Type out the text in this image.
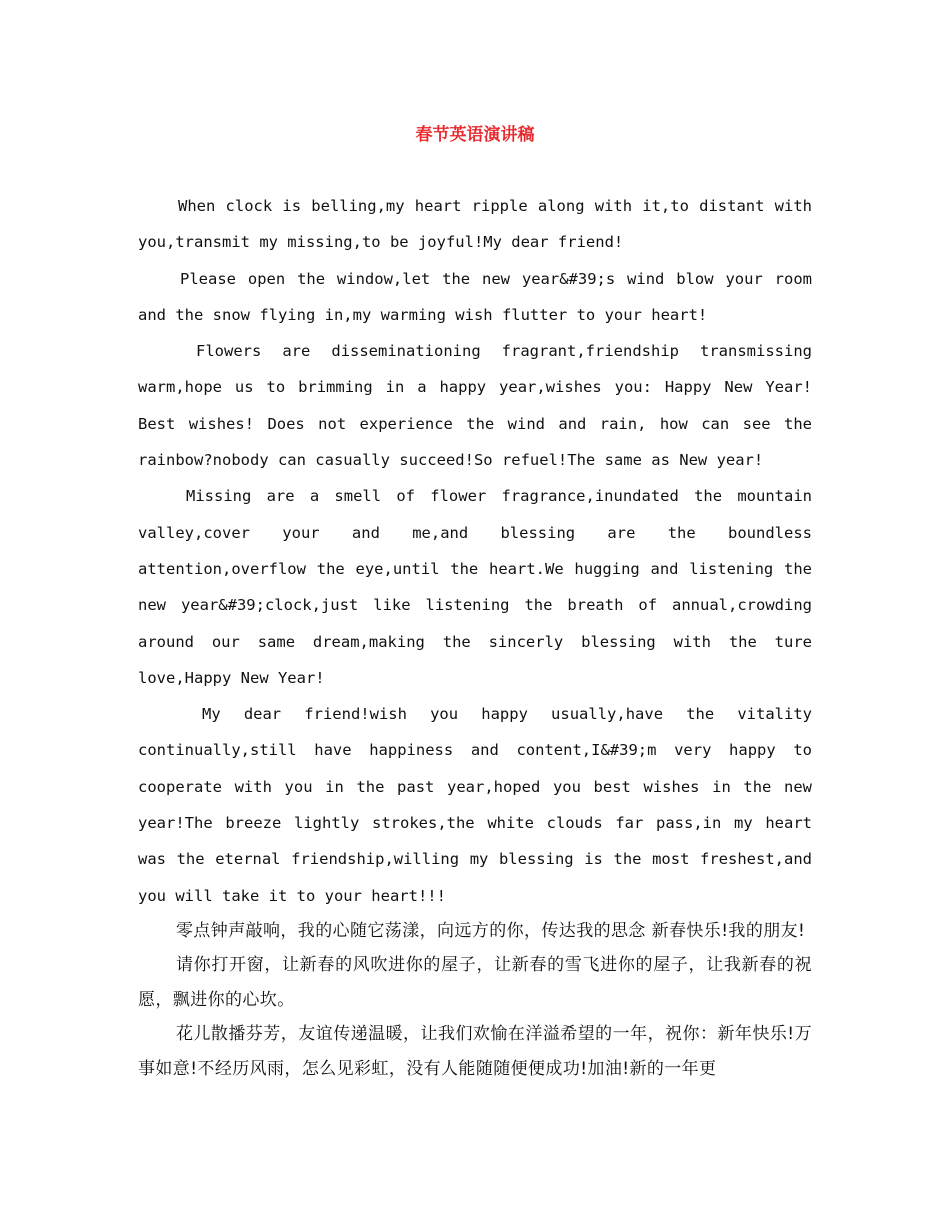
春节英语演讲稿

When clock is belling,my heart ripple along with it,to distant with you,transmit my missing,to be joyful!My dear friend!

Please open the window,let the new year&#39;s wind blow your room and the snow flying in,my warming wish flutter to your heart!

Flowers are disseminationing fragrant,friendship transmissing warm,hope us to brimming in a happy year,wishes you: Happy New Year! Best wishes! Does not experience the wind and rain, how can see the rainbow?nobody can casually succeed!So refuel!The same as New year!

Missing are a smell of flower fragrance,inundated the mountain valley,cover your and me,and blessing are the boundless attention,overflow the eye,until the heart.We hugging and listening the new year&#39;clock,just like listening the breath of annual,crowding around our same dream,making the sincerly blessing with the ture love,Happy New Year!

My dear friend!wish you happy usually,have the vitality continually,still have happiness and content,I&#39;m very happy to cooperate with you in the past year,hoped you best wishes in the new year!The breeze lightly strokes,the white clouds far pass,in my heart was the eternal friendship,willing my blessing is the most freshest,and you will take it to your heart!!!

零点钟声敲响，我的心随它荡漾，向远方的你，传达我的思念 新春快乐!我的朋友!

请你打开窗，让新春的风吹进你的屋子，让新春的雪飞进你的屋子，让我新春的祝愿，飘进你的心坎。

花儿散播芬芳，友谊传递温暖，让我们欢愉在洋溢希望的一年，祝你：新年快乐!万事如意!不经历风雨，怎么见彩虹，没有人能随随便便成功!加油!新的一年更
